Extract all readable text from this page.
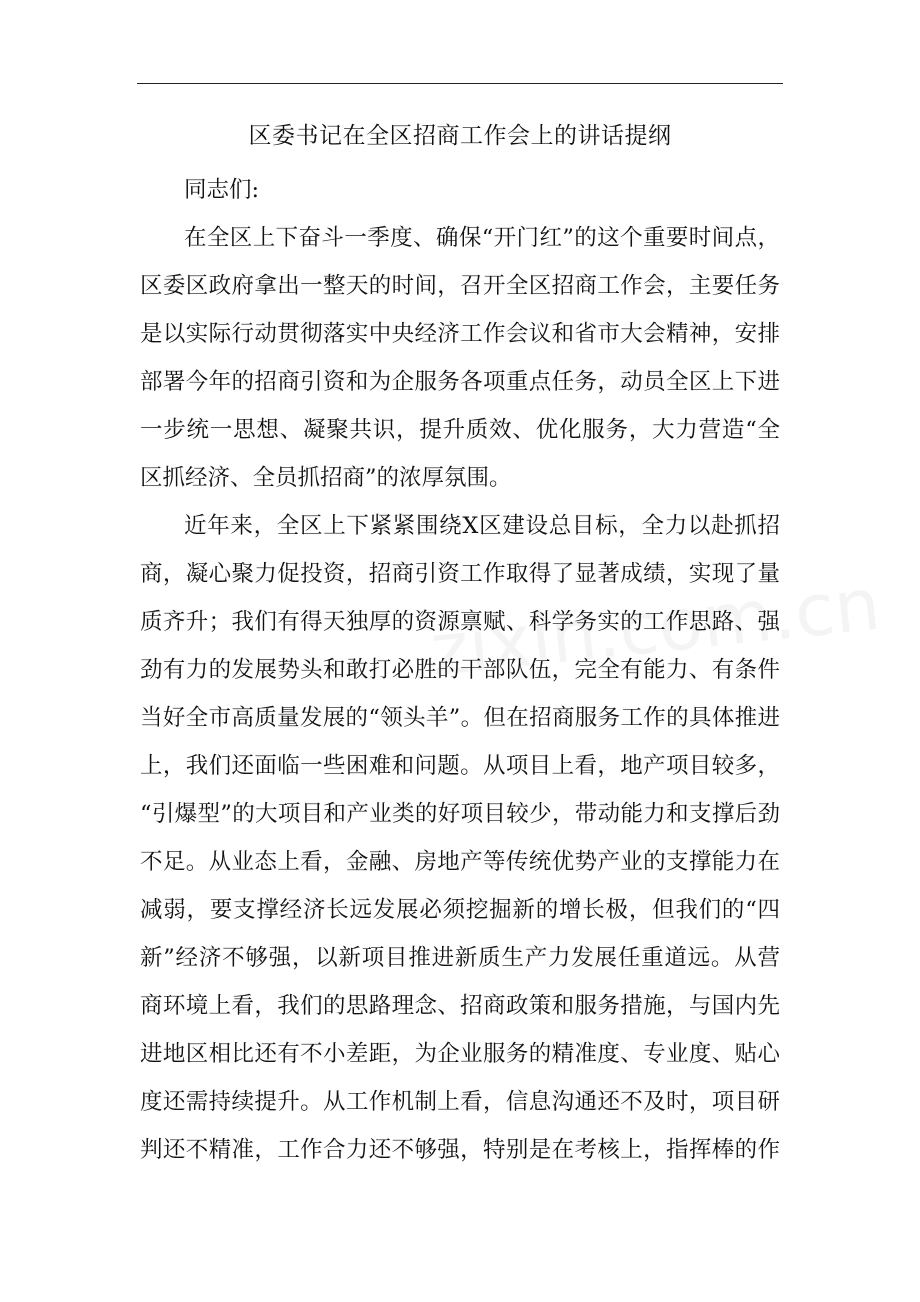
区委书记在全区招商工作会上的讲话提纲
同志们:
在全区上下奋斗一季度、确保“开门红”的这个重要时间点，
区委区政府拿出一整天的时间，召开全区招商工作会，主要任务
是以实际行动贯彻落实中央经济工作会议和省市大会精神，安排
部署今年的招商引资和为企服务各项重点任务，动员全区上下进
一步统一思想、凝聚共识，提升质效、优化服务，大力营造“全
区抓经济、全员抓招商”的浓厚氛围。
近年来，全区上下紧紧围绕X区建设总目标，全力以赴抓招
商，凝心聚力促投资，招商引资工作取得了显著成绩，实现了量
质齐升；我们有得天独厚的资源禀赋、科学务实的工作思路、强
劲有力的发展势头和敢打必胜的干部队伍，完全有能力、有条件
当好全市高质量发展的“领头羊”。但在招商服务工作的具体推进
上，我们还面临一些困难和问题。从项目上看，地产项目较多，
“引爆型”的大项目和产业类的好项目较少，带动能力和支撑后劲
不足。从业态上看，金融、房地产等传统优势产业的支撑能力在
减弱，要支撑经济长远发展必须挖掘新的增长极，但我们的“四
新”经济不够强，以新项目推进新质生产力发展任重道远。从营
商环境上看，我们的思路理念、招商政策和服务措施，与国内先
进地区相比还有不小差距，为企业服务的精准度、专业度、贴心
度还需持续提升。从工作机制上看，信息沟通还不及时，项目研
判还不精准，工作合力还不够强，特别是在考核上，指挥棒的作
